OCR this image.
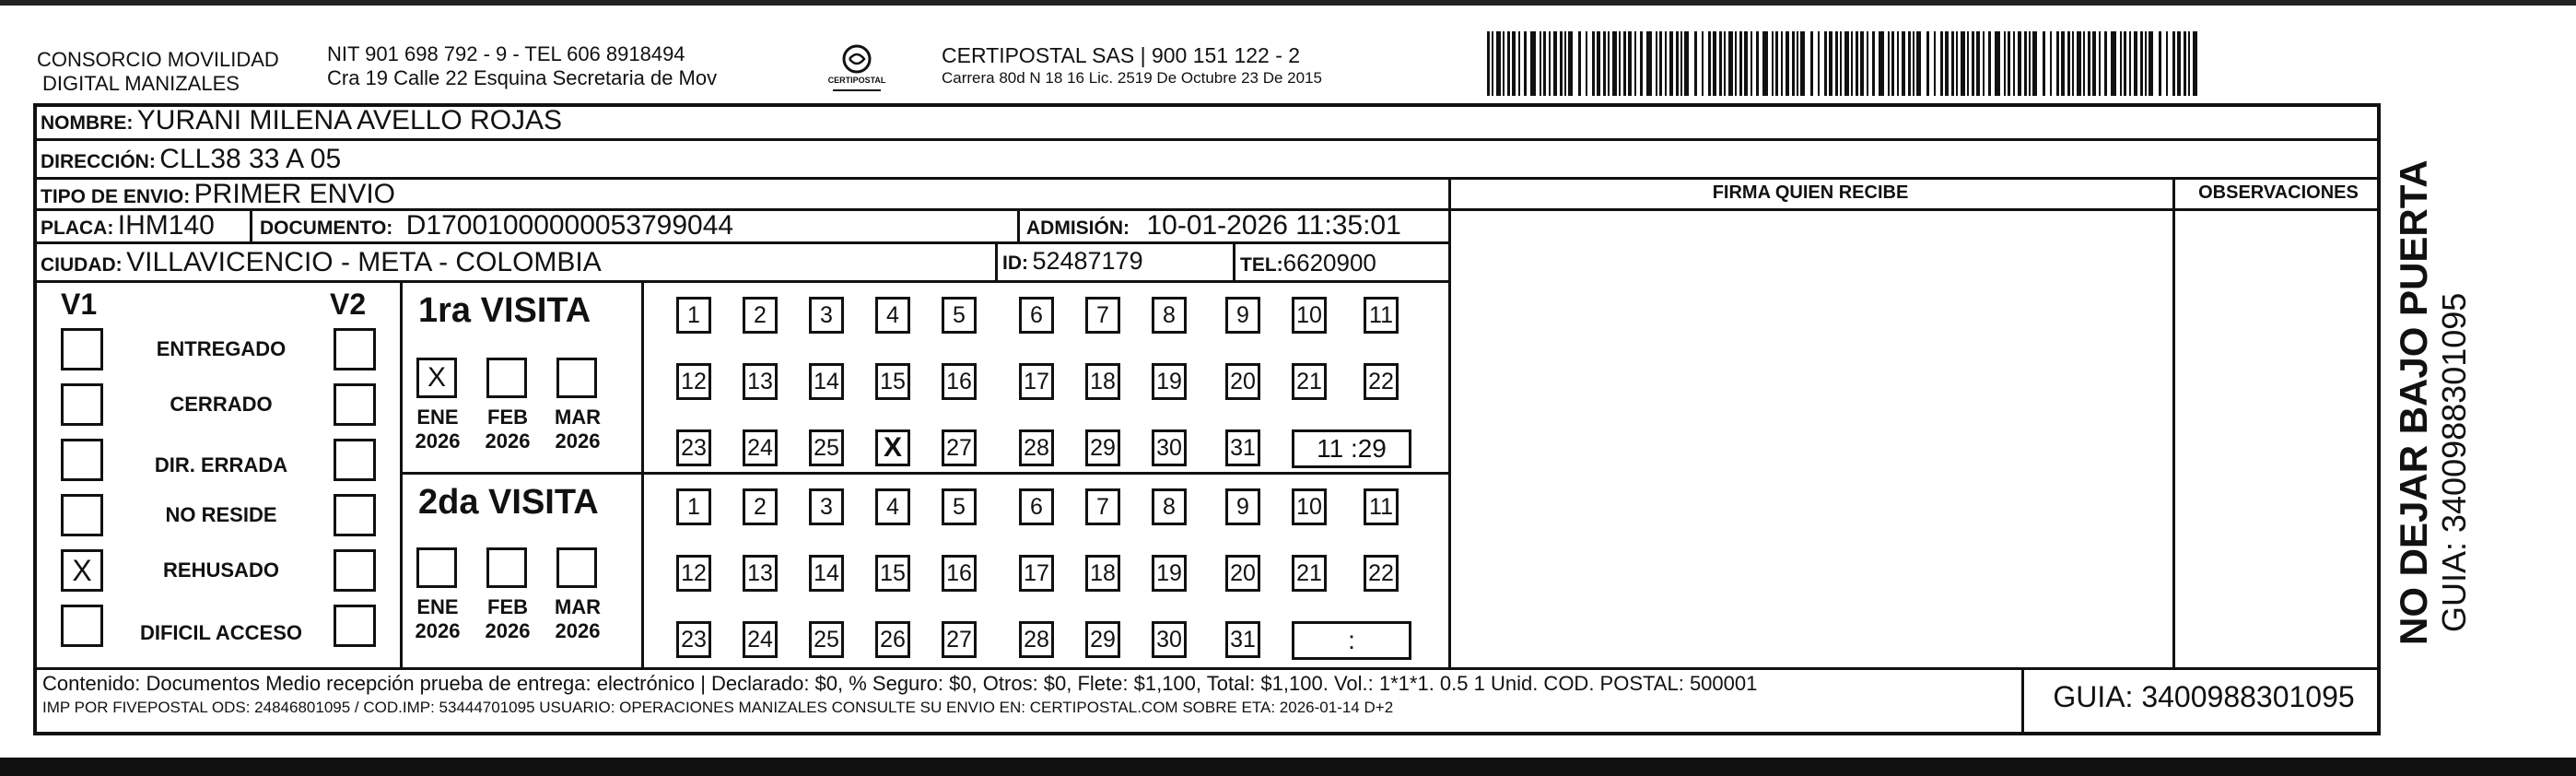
CONSORCIO MOVILIDAD
DIGITAL MANIZALES
NIT 901 698 792 - 9 - TEL 606 8918494
Cra 19 Calle 22 Esquina Secretaria de Mov	CERTIPOSTAL
CERTIPOSTAL SAS | 900 151 122 - 2
Carrera 80d N 18 16 Lic. 2519 De Octubre 23 De 2015
NOMBRE: YURANI MILENA AVELLO ROJAS
DIRECCIÓN: CLL38 33 A 05
TIPO DE ENVIO: PRIMER ENVIO
PLACA: IHM140 DOCUMENTO: D17001000000053799044	ADMISIÓN: 10-01-2026 11:35:01
CIUDAD: VILLAVICENCIO - META - COLOMBIA	ID: 52487179	TEL:6620900
FIRMA QUIEN RECIBE	OBSERVACIONES
V1	V2
ENTREGADO
CERRADO
DIR. ERRADA
NO RESIDE
X	REHUSADO
DIFICIL ACCESO
1ra VISITA
2da VISITA
X
ENE
2026
FEB
2026
MAR
2026
ENE
2026
FEB
2026
MAR
2026
1	2	3	4	5	6	7	8	9	10 11
12 13 14 15 16 17 18 19 20 21 22
23 24 25 X	27 28 29 30 31	11 :29
1	2	3	4	5	6	7	8	9	10 11
12 13 14 15 16 17 18 19 20 21 22
23 24 25 26 27 28 29 30 31	:
Contenido: Documentos Medio recepción prueba de entrega: electrónico | Declarado: $0, % Seguro: $0, Otros: $0, Flete: $1,100, Total: $1,100. Vol.: 1*1*1. 0.5 1 Unid. COD. POSTAL: 500001
IMP POR FIVEPOSTAL ODS: 24846801095 / COD.IMP: 53444701095 USUARIO: OPERACIONES MANIZALES CONSULTE SU ENVIO EN: CERTIPOSTAL.COM SOBRE ETA: 2026-01-14 D+2	GUIA: 3400988301095
NO DEJAR BAJO PUERTA GUIA: 3400988301095
